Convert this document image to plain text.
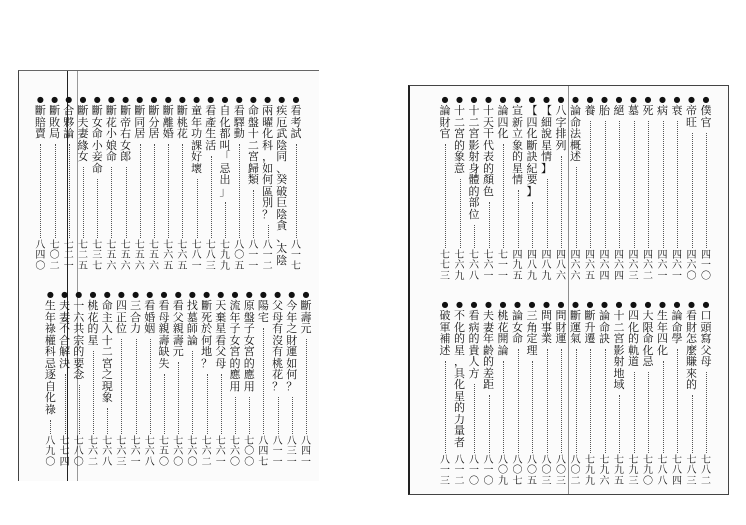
●
看
考
試
八
一
七
●
疾
厄
武
陰
同
、
癸
破
巨
陰
貪
、
太
陰
●
兩
曜
化
科
，
如
何
區
別
？
八
一
二
●
命
盤
十
二
宮
歸
類
八
一
一
●
看
驛
動
八
〇
五
●
自
化
都
叫
「
忌
出
」
七
九
九
●
看
產
生
活
七
八
三
●
童
年
功
課
好
壞
七
八
一
●
斷
桃
花
七
六
五
●
斷
離
婚
七
六
五
●
斷
分
居
七
五
六
●
斷
同
居
七
五
六
●
斷
帝
右
女
郎
七
五
六
●
斷
花
小
娘
命
七
五
六
●
斷
女
命
小
妾
命
七
三
七
●
斷
夫
妻
緣
女
七
二
五
●
合
夥
論
七
二
一
●
斷
敗
局
七
〇
二
●
斷
賠
賣
八
四
〇
●
斷
壽
元
八
四
一
●
今
年
之
財
運
如
何
？
八
三
一
●
父
母
有
沒
有
桃
花
？
八
一
一
●
陽
宅
八
四
七
●
原
盤
子
女
宮
的
應
用
七
〇
〇
●
流
年
子
女
宮
的
應
用
七
六
〇
●
天
棄
星
看
父
母
七
六
一
●
斷
死
於
何
地
？
七
六
二
●
找
墓
師
論
七
六
〇
●
看
父
親
壽
元
七
六
〇
●
看
母
親
壽
缺
失
七
五
〇
●
看
婚
姻
七
六
八
●
三
合
力
七
六
一
●
四
正
位
七
六
三
●
命
主
入
十
二
宮
之
現
象
七
六
八
●
桃
花
的
星
七
六
二
●
一
六
共
宗
的
要
念
七
八
〇
●
夫
妻
不
合
解
決
七
七
四
●
生
年
祿
權
科
忌
逐
自
化
祿
八
九
〇
●
僕
官
四
一
〇
●
帝
旺
四
六
〇
●
衰
四
六
一
●
病
四
六
一
●
死
四
六
二
●
墓
四
六
三
●
絕
四
六
四
●
胎
四
六
四
●
養
四
六
五
●
論
命
法
概
述
四
六
六
●
八
字
排
列
四
八
六
●
【
細
說
星
情
】
四
八
九
●
【
四
化
斷
訣
紀
要
】
四
八
九
●
宣
新
立
象
的
星
情
四
九
五
●
論
四
化
七
一
一
●
十
天
干
代
表
的
顏
色
七
六
一
●
十
二
宮
影
射
身
體
的
部
位
七
六
八
●
十
二
宮
的
象
意
七
六
九
●
論
財
官
七
七
三
●
口
頭
寫
父
母
七
八
二
●
看
財
怎
麼
賺
來
的
七
八
三
●
論
命
學
七
八
四
●
生
年
四
化
七
八
八
●
大
限
命
化
忌
七
九
〇
●
四
化
的
軌
道
七
九
三
●
十
二
宮
影
射
地
域
七
九
五
●
論
命
訣
七
九
六
●
斷
升
遷
七
九
九
●
斷
運
氣
八
〇
二
●
問
財
運
八
〇
三
●
問
事
業
八
〇
三
●
三
角
定
理
八
〇
五
●
論
女
命
八
〇
七
●
桃
花
開
論
八
〇
九
●
夫
妻
年
齡
的
差
距
八
一
〇
●
看
病
的
貴
人
方
八
一
〇
●
不
化
的
星
，
具
化
星
的
力
量
者
八
一
二
●
破
軍
補
述
八
一
三
